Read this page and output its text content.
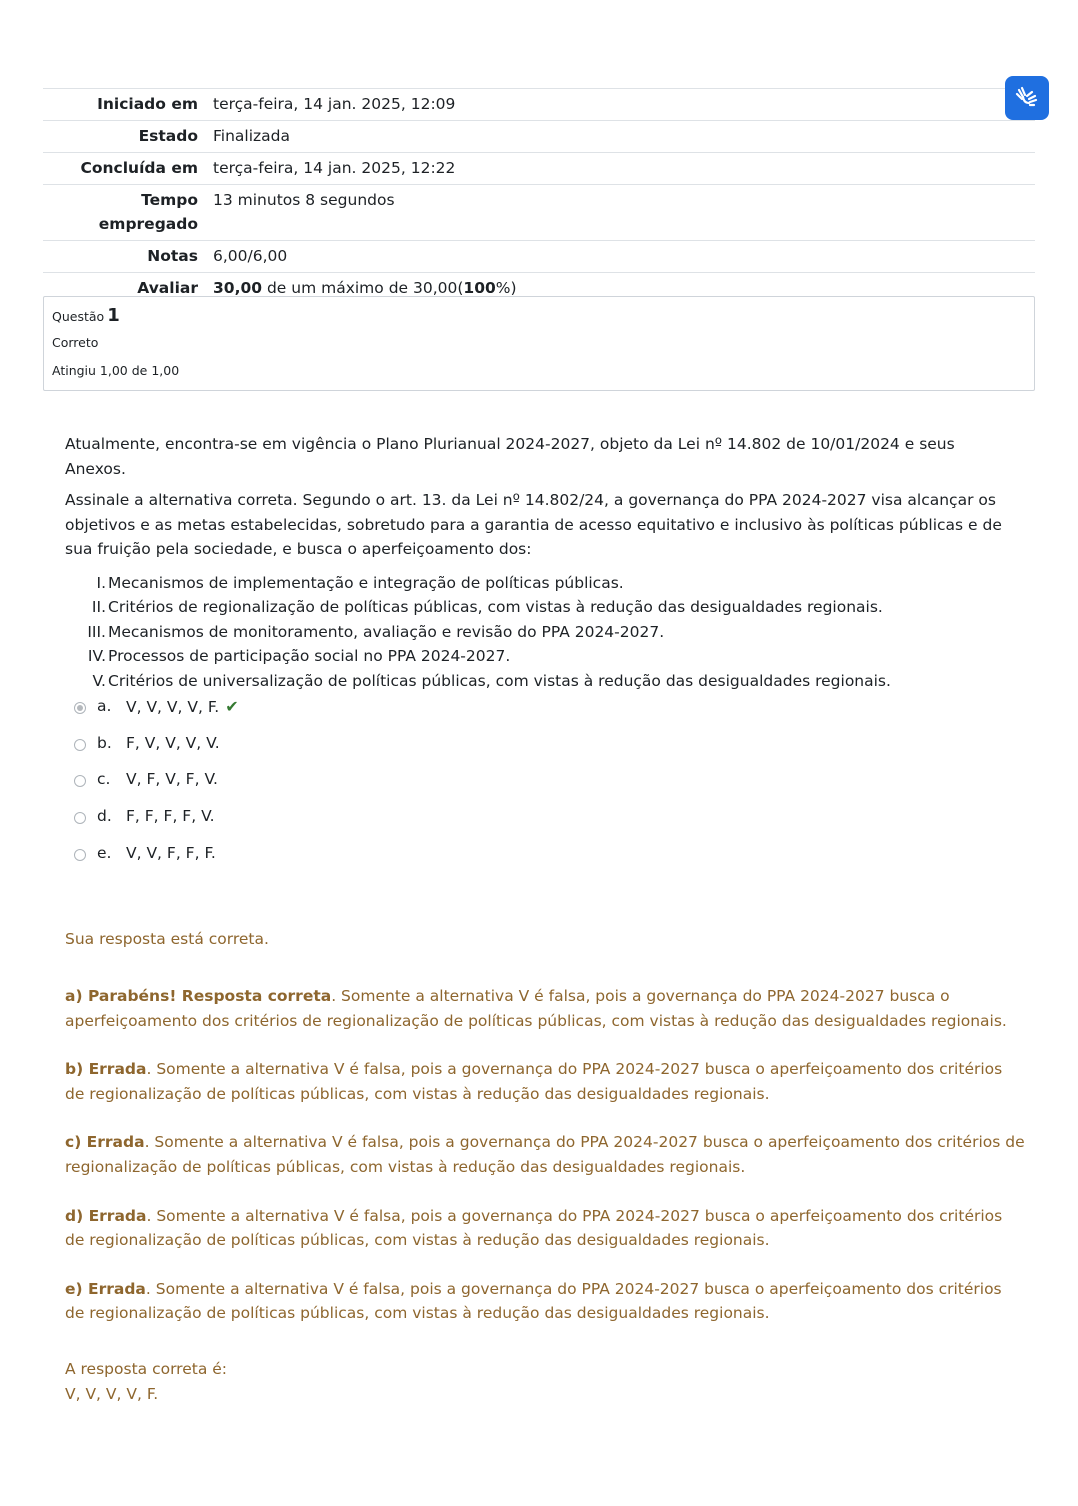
Iniciado em	terça-feira, 14 jan. 2025, 12:09
Estado	Finalizada
Concluída em	terça-feira, 14 jan. 2025, 12:22
Tempo empregado	13 minutos 8 segundos
Notas	6,00/6,00
Avaliar	30,00 de um máximo de 30,00(100%)
Questão 1
Correto
Atingiu 1,00 de 1,00

Atualmente, encontra-se em vigência o Plano Plurianual 2024-2027, objeto da Lei nº 14.802 de 10/01/2024 e seus Anexos.

Assinale a alternativa correta. Segundo o art. 13. da Lei nº 14.802/24, a governança do PPA 2024-2027 visa alcançar os objetivos e as metas estabelecidas, sobretudo para a garantia de acesso equitativo e inclusivo às políticas públicas e de sua fruição pela sociedade, e busca o aperfeiçoamento dos:

I. Mecanismos de implementação e integração de políticas públicas.
II. Critérios de regionalização de políticas públicas, com vistas à redução das desigualdades regionais.
III. Mecanismos de monitoramento, avaliação e revisão do PPA 2024-2027.
IV. Processos de participação social no PPA 2024-2027.
V. Critérios de universalização de políticas públicas, com vistas à redução das desigualdades regionais.
a. V, V, V, V, F. ✔
b. F, V, V, V, V.
c. V, F, V, F, V.
d. F, F, F, F, V.
e. V, V, F, F, F.

Sua resposta está correta.

a) Parabéns! Resposta correta. Somente a alternativa V é falsa, pois a governança do PPA 2024-2027 busca o aperfeiçoamento dos critérios de regionalização de políticas públicas, com vistas à redução das desigualdades regionais.

b) Errada. Somente a alternativa V é falsa, pois a governança do PPA 2024-2027 busca o aperfeiçoamento dos critérios de regionalização de políticas públicas, com vistas à redução das desigualdades regionais.

c) Errada. Somente a alternativa V é falsa, pois a governança do PPA 2024-2027 busca o aperfeiçoamento dos critérios de regionalização de políticas públicas, com vistas à redução das desigualdades regionais.

d) Errada. Somente a alternativa V é falsa, pois a governança do PPA 2024-2027 busca o aperfeiçoamento dos critérios de regionalização de políticas públicas, com vistas à redução das desigualdades regionais.

e) Errada. Somente a alternativa V é falsa, pois a governança do PPA 2024-2027 busca o aperfeiçoamento dos critérios de regionalização de políticas públicas, com vistas à redução das desigualdades regionais.

A resposta correta é:

V, V, V, V, F.
